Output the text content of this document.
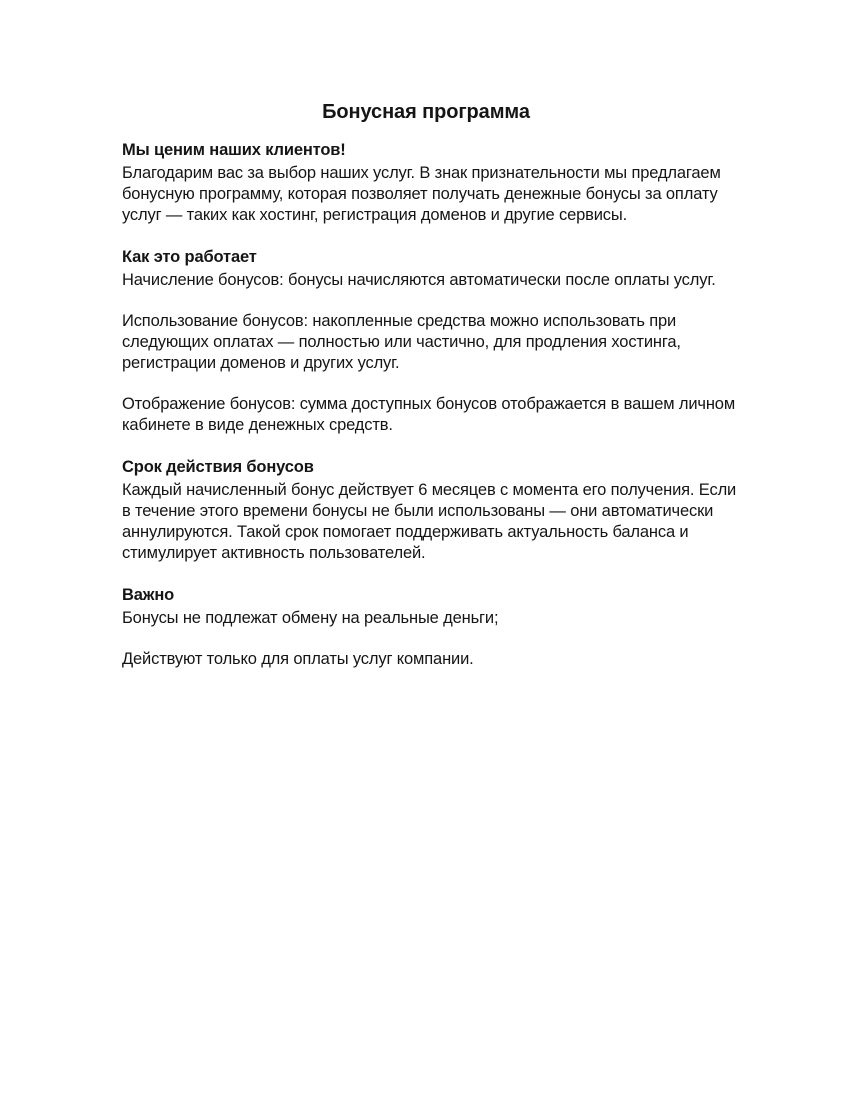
Бонусная программа
Мы ценим наших клиентов!
Благодарим вас за выбор наших услуг. В знак признательности мы предлагаем
бонусную программу, которая позволяет получать денежные бонусы за оплату
услуг — таких как хостинг, регистрация доменов и другие сервисы.
Как это работает
Начисление бонусов: бонусы начисляются автоматически после оплаты услуг.
Использование бонусов: накопленные средства можно использовать при
следующих оплатах — полностью или частично, для продления хостинга,
регистрации доменов и других услуг.
Отображение бонусов: сумма доступных бонусов отображается в вашем личном
кабинете в виде денежных средств.
Срок действия бонусов
Каждый начисленный бонус действует 6 месяцев с момента его получения. Если
в течение этого времени бонусы не были использованы — они автоматически
аннулируются. Такой срок помогает поддерживать актуальность баланса и
стимулирует активность пользователей.
Важно
Бонусы не подлежат обмену на реальные деньги;
Действуют только для оплаты услуг компании.
